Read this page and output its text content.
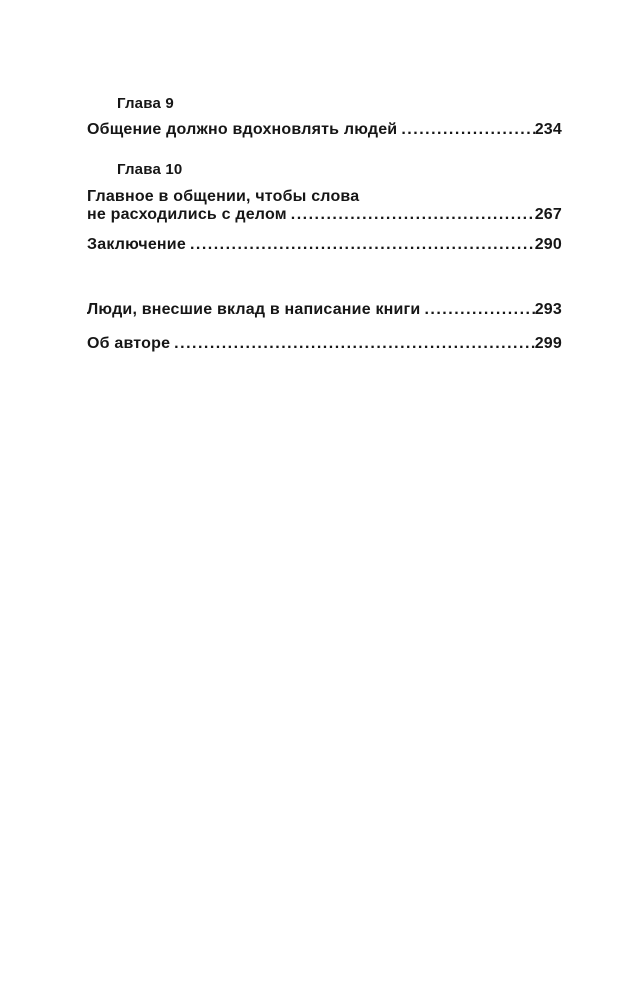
Глава 9
Общение должно вдохновлять людей .....	234
Глава 10
Главное в общении, чтобы слова
не расходились с делом .....	267
Заключение .....	290
Люди, внесшие вклад в написание книги .....	293
Об авторе .....	299
